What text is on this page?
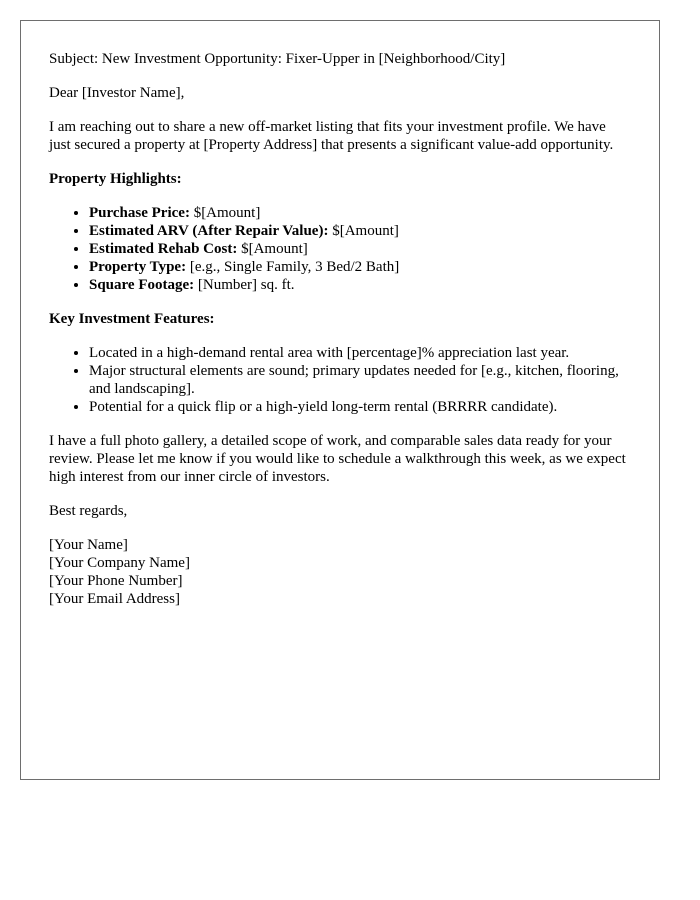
Subject: New Investment Opportunity: Fixer-Upper in [Neighborhood/City]

Dear [Investor Name],

I am reaching out to share a new off-market listing that fits your investment profile. We have just secured a property at [Property Address] that presents a significant value-add opportunity.

Property Highlights:
• Purchase Price: $[Amount]
• Estimated ARV (After Repair Value): $[Amount]
• Estimated Rehab Cost: $[Amount]
• Property Type: [e.g., Single Family, 3 Bed/2 Bath]
• Square Footage: [Number] sq. ft.
Key Investment Features:
• Located in a high-demand rental area with [percentage]% appreciation last year.
• Major structural elements are sound; primary updates needed for [e.g., kitchen, flooring, and landscaping].
• Potential for a quick flip or a high-yield long-term rental (BRRRR candidate).

I have a full photo gallery, a detailed scope of work, and comparable sales data ready for your review. Please let me know if you would like to schedule a walkthrough this week, as we expect high interest from our inner circle of investors.

Best regards,

[Your Name]
[Your Company Name]
[Your Phone Number]
[Your Email Address]
